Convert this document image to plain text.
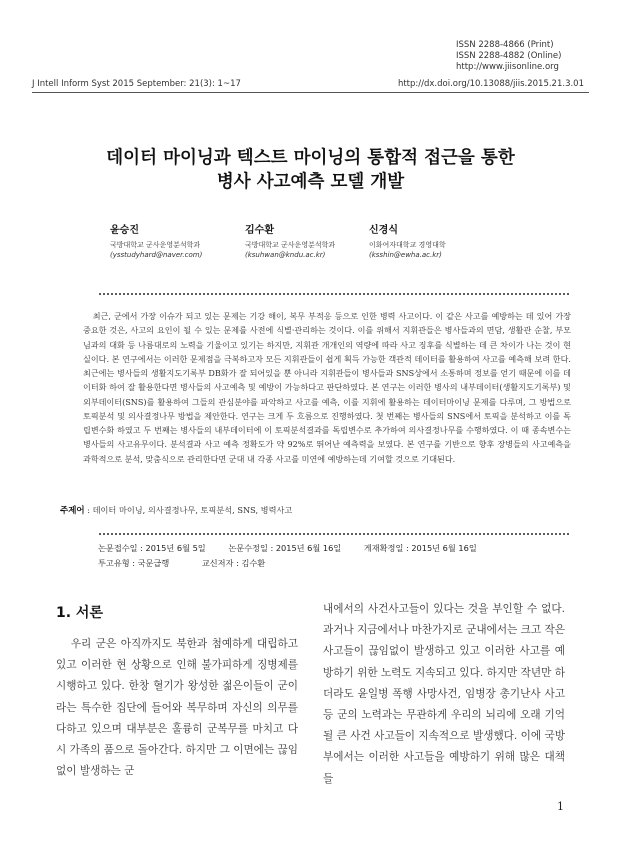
ISSN 2288-4866 (Print)
ISSN 2288-4882 (Online)
http://www.jiisonline.org
J Intell Inform Syst 2015 September: 21(3): 1~17	http://dx.doi.org/10.13088/jiis.2015.21.3.01
데이터 마이닝과 텍스트 마이닝의 통합적 접근을 통한
병사 사고예측 모델 개발
윤승진
국방대학교 군사운영분석학과
(ysstudyhard@naver.com)
김수환
국방대학교 군사운영분석학과
(ksuhwan@kndu.ac.kr)
신경식
이화여자대학교 경영대학
(ksshin@ewha.ac.kr)

최근, 군에서 가장 이슈가 되고 있는 문제는 기강 해이, 복무 부적응 등으로 인한 병력 사고이다. 이 같은 사고를 예방하는 데 있어 가장 중요한 것은, 사고의 요인이 될 수 있는 문제를 사전에 식별·관리하는 것이다. 이를 위해서 지휘관들은 병사들과의 면담, 생활관 순찰, 부모님과의 대화 등 나름대로의 노력을 기울이고 있기는 하지만, 지휘관 개개인의 역량에 따라 사고 징후를 식별하는 데 큰 차이가 나는 것이 현실이다. 본 연구에서는 이러한 문제점을 극복하고자 모든 지휘관들이 쉽게 획득 가능한 객관적 데이터를 활용하여 사고를 예측해 보려 한다. 최근에는 병사들의 생활지도기록부 DB화가 잘 되어있을 뿐 아니라 지휘관들이 병사들과 SNS상에서 소통하며 정보를 얻기 때문에 이를 데이터화 하여 잘 활용한다면 병사들의 사고예측 및 예방이 가능하다고 판단하였다. 본 연구는 이러한 병사의 내부데이터(생활지도기록부) 및 외부데이터(SNS)를 활용하여 그들의 관심분야를 파악하고 사고를 예측, 이를 지휘에 활용하는 데이터마이닝 문제를 다루며, 그 방법으로 토픽분석 및 의사결정나무 방법을 제안한다. 연구는 크게 두 흐름으로 진행하였다. 첫 번째는 병사들의 SNS에서 토픽을 분석하고 이를 독립변수화 하였고 두 번째는 병사들의 내부데이터에 이 토픽분석결과를 독립변수로 추가하여 의사결정나무를 수행하였다. 이 때 종속변수는 병사들의 사고유무이다. 분석결과 사고 예측 정확도가 약 92%로 뛰어난 예측력을 보였다. 본 연구를 기반으로 향후 장병들의 사고예측을 과학적으로 분석, 맞춤식으로 관리한다면 군대 내 각종 사고를 미연에 예방하는데 기여할 것으로 기대된다.

주제어 : 데이터 마이닝, 의사결정나무, 토픽분석, SNS, 병력사고
논문접수일 : 2015년 6월 5일	논문수정일 : 2015년 6월 16일	게재확정일 : 2015년 6월 16일
투고유형 : 국문급행	교신저자 : 김수환
1. 서론

우리 군은 아직까지도 북한과 첨예하게 대립하고 있고 이러한 현 상황으로 인해 불가피하게 징병제를 시행하고 있다. 한창 혈기가 왕성한 젊은이들이 군이라는 특수한 집단에 들어와 복무하며 자신의 의무를 다하고 있으며 대부분은 훌륭히 군복무를 마치고 다시 가족의 품으로 돌아간다. 하지만 그 이면에는 끊임없이 발생하는 군

내에서의 사건사고들이 있다는 것을 부인할 수 없다. 과거나 지금에서나 마찬가지로 군내에서는 크고 작은 사고들이 끊임없이 발생하고 있고 이러한 사고를 예방하기 위한 노력도 지속되고 있다. 하지만 작년만 하더라도 윤일병 폭행 사망사건, 임병장 총기난사 사고 등 군의 노력과는 무관하게 우리의 뇌리에 오래 기억될 큰 사건 사고들이 지속적으로 발생했다. 이에 국방부에서는 이러한 사고들을 예방하기 위해 많은 대책들

1
